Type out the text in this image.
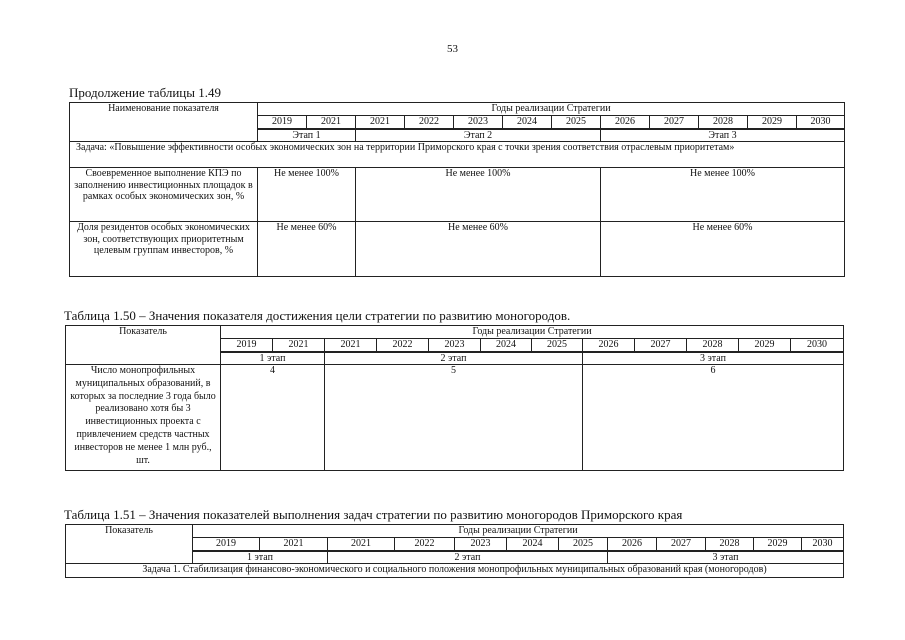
53
Продолжение таблицы 1.49
Наименование показателя	Годы реализации Стратегии											
	2019	2021	2021	2022	2023	2024	2025	2026	2027	2028	2029	2030
	Этап 1		Этап 2					Этап 3				
Задача: «Повышение эффективности особых экономических зон на территории Приморского края с точки зрения соответствия отраслевым приоритетам»												
Своевременное выполнение КПЭ по заполнению инвестиционных площадок в рамках особых экономических зон, %	Не менее 100%		Не менее 100%					Не менее 100%				
Доля резидентов особых экономических зон, соответствующих приоритетным целевым группам инвесторов, %	Не менее 60%		Не менее 60%					Не менее 60%				
Таблица 1.50 – Значения показателя достижения цели стратегии по развитию моногородов.
Показатель	Годы реализации Стратегии											
	2019	2021	2021	2022	2023	2024	2025	2026	2027	2028	2029	2030
	1 этап		2 этап					3 этап				
Число монопрофильных муниципальных образований, в которых за последние 3 года было реализовано хотя бы 3 инвестиционных проекта с привлечением средств частных инвесторов не менее 1 млн руб., шт.	4		5					6				
Таблица 1.51 – Значения показателей выполнения задач стратегии по развитию моногородов Приморского края
Показатель	Годы реализации Стратегии											
	2019	2021	2021	2022	2023	2024	2025	2026	2027	2028	2029	2030
	1 этап		2 этап					3 этап				
Задача 1. Стабилизация финансово-экономического и социального положения монопрофильных муниципальных образований края (моногородов)												
